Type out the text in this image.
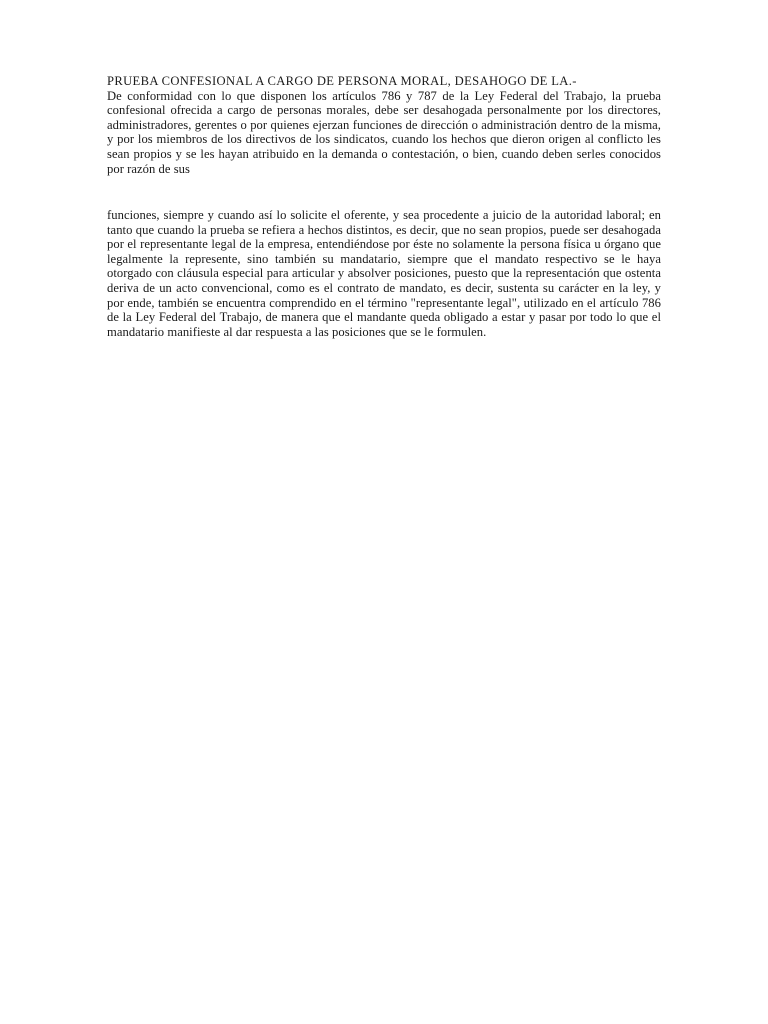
PRUEBA CONFESIONAL A CARGO DE PERSONA MORAL, DESAHOGO DE LA.-
De conformidad con lo que disponen los artículos 786 y 787 de la Ley Federal del Trabajo, la prueba confesional ofrecida a cargo de personas morales, debe ser desahogada personalmente por los directores, administradores, gerentes o por quienes ejerzan funciones de dirección o administración dentro de la misma, y por los miembros de los directivos de los sindicatos, cuando los hechos que dieron origen al conflicto les sean propios y se les hayan atribuido en la demanda o contestación, o bien, cuando deben serles conocidos por razón de sus

funciones, siempre y cuando así lo solicite el oferente, y sea procedente a juicio de la autoridad laboral; en tanto que cuando la prueba se refiera a hechos distintos, es decir, que no sean propios, puede ser desahogada por el representante legal de la empresa, entendiéndose por éste no solamente la persona física u órgano que legalmente la represente, sino también su mandatario, siempre que el mandato respectivo se le haya otorgado con cláusula especial para articular y absolver posiciones, puesto que la representación que ostenta deriva de un acto convencional, como es el contrato de mandato, es decir, sustenta su carácter en la ley, y por ende, también se encuentra comprendido en el término "representante legal", utilizado en el artículo 786 de la Ley Federal del Trabajo, de manera que el mandante queda obligado a estar y pasar por todo lo que el mandatario manifieste al dar respuesta a las posiciones que se le formulen.
